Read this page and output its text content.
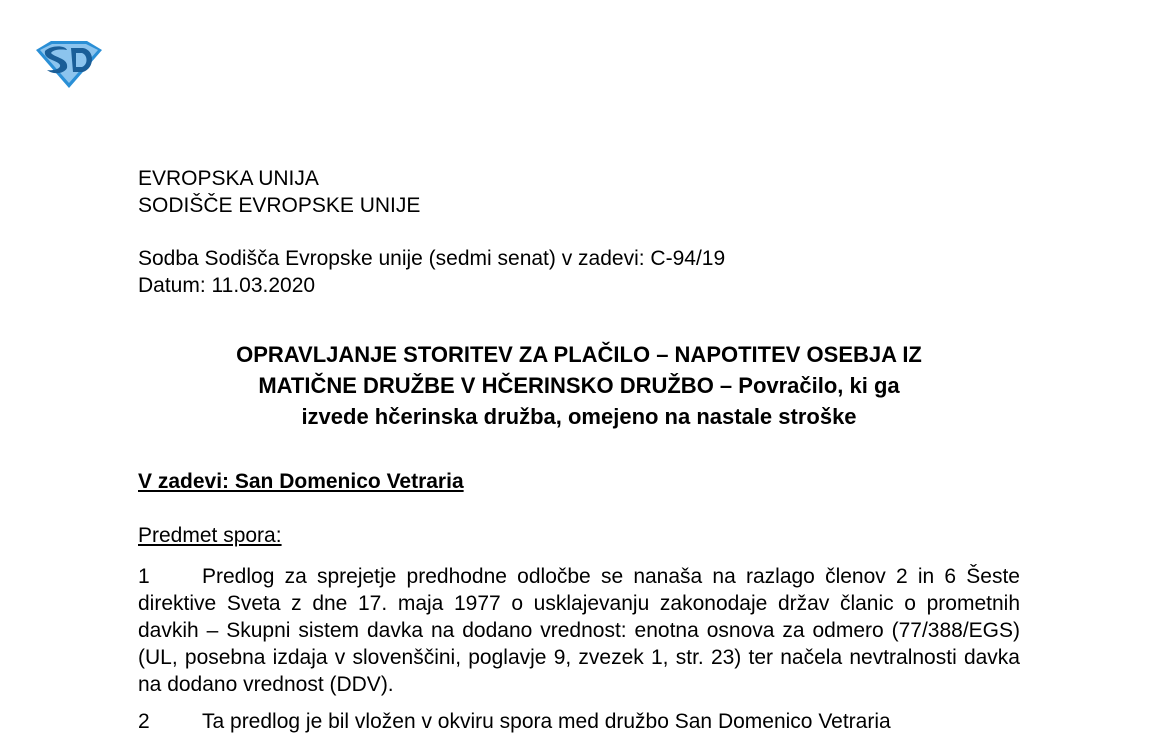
EVROPSKA UNIJA
SODIŠČE EVROPSKE UNIJE
Sodba Sodišča Evropske unije (sedmi senat) v zadevi: C-94/19
Datum: 11.03.2020
OPRAVLJANJE STORITEV ZA PLAČILO – NAPOTITEV OSEBJA IZ
MATIČNE DRUŽBE V HČERINSKO DRUŽBO – Povračilo, ki ga
izvede hčerinska družba, omejeno na nastale stroške
V zadevi: San Domenico Vetraria
Predmet spora:
1 Predlog za sprejetje predhodne odločbe se nanaša na razlago členov 2 in 6 Šeste direktive Sveta z dne 17. maja 1977 o usklajevanju zakonodaje držav članic o prometnih davkih – Skupni sistem davka na dodano vrednost: enotna osnova za odmero (77/388/EGS) (UL, posebna izdaja v slovenščini, poglavje 9, zvezek 1, str. 23) ter načela nevtralnosti davka na dodano vrednost (DDV).
2 Ta predlog je bil vložen v okviru spora med družbo San Domenico Vetraria
